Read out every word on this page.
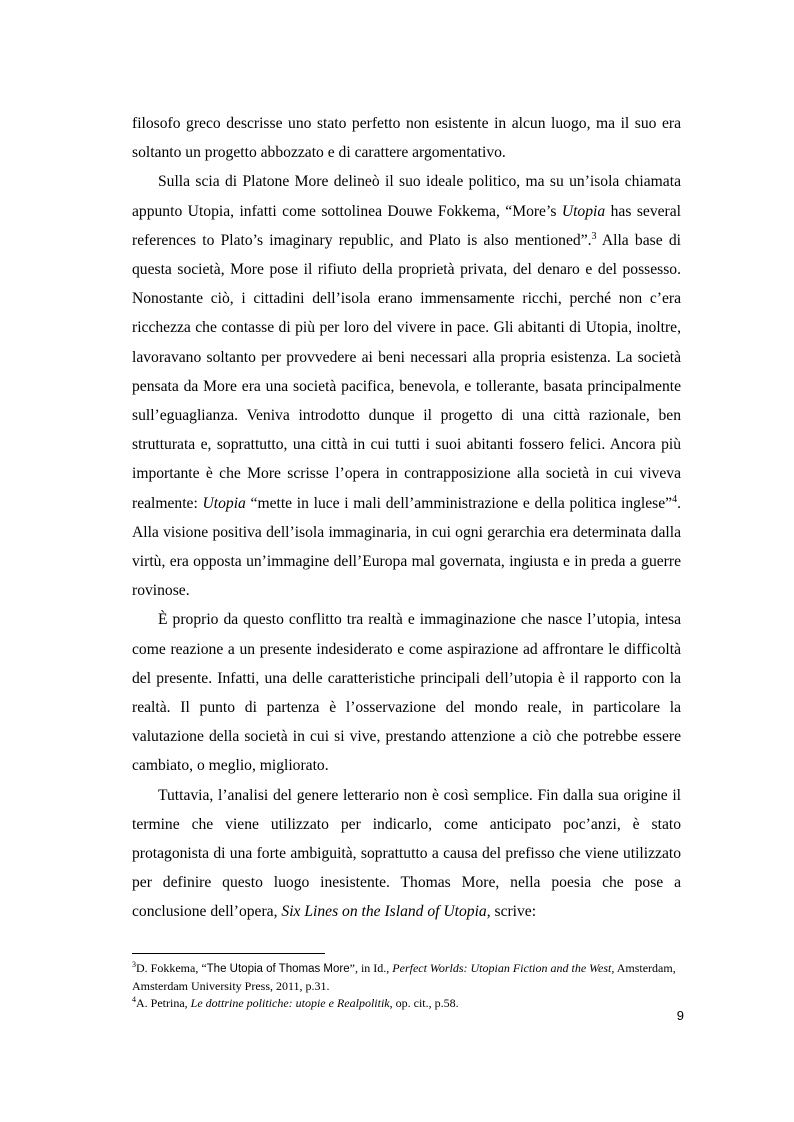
filosofo greco descrisse uno stato perfetto non esistente in alcun luogo, ma il suo era soltanto un progetto abbozzato e di carattere argomentativo.

Sulla scia di Platone More delineò il suo ideale politico, ma su un’isola chiamata appunto Utopia, infatti come sottolinea Douwe Fokkema, “More’s Utopia has several references to Plato’s imaginary republic, and Plato is also mentioned”.$^3$ Alla base di questa società, More pose il rifiuto della proprietà privata, del denaro e del possesso. Nonostante ciò, i cittadini dell’isola erano immensamente ricchi, perché non c’era ricchezza che contasse di più per loro del vivere in pace. Gli abitanti di Utopia, inoltre, lavoravano soltanto per provvedere ai beni necessari alla propria esistenza. La società pensata da More era una società pacifica, benevola, e tollerante, basata principalmente sull’eguaglianza. Veniva introdotto dunque il progetto di una città razionale, ben strutturata e, soprattutto, una città in cui tutti i suoi abitanti fossero felici. Ancora più importante è che More scrisse l’opera in contrapposizione alla società in cui viveva realmente: Utopia “mette in luce i mali dell’amministrazione e della politica inglese”$^4$. Alla visione positiva dell’isola immaginaria, in cui ogni gerarchia era determinata dalla virtù, era opposta un’immagine dell’Europa mal governata, ingiusta e in preda a guerre rovinose.

È proprio da questo conflitto tra realtà e immaginazione che nasce l’utopia, intesa come reazione a un presente indesiderato e come aspirazione ad affrontare le difficoltà del presente. Infatti, una delle caratteristiche principali dell’utopia è il rapporto con la realtà. Il punto di partenza è l’osservazione del mondo reale, in particolare la valutazione della società in cui si vive, prestando attenzione a ciò che potrebbe essere cambiato, o meglio, migliorato.

Tuttavia, l’analisi del genere letterario non è così semplice. Fin dalla sua origine il termine che viene utilizzato per indicarlo, come anticipato poc’anzi, è stato protagonista di una forte ambiguità, soprattutto a causa del prefisso che viene utilizzato per definire questo luogo inesistente. Thomas More, nella poesia che pose a conclusione dell’opera, Six Lines on the Island of Utopia, scrive:

$^3$D. Fokkema, “The Utopia of Thomas More”, in Id., Perfect Worlds: Utopian Fiction and the West, Amsterdam, Amsterdam University Press, 2011, p.31.

$^4$A. Petrina, Le dottrine politiche: utopie e Realpolitik, op. cit., p.58.

9
